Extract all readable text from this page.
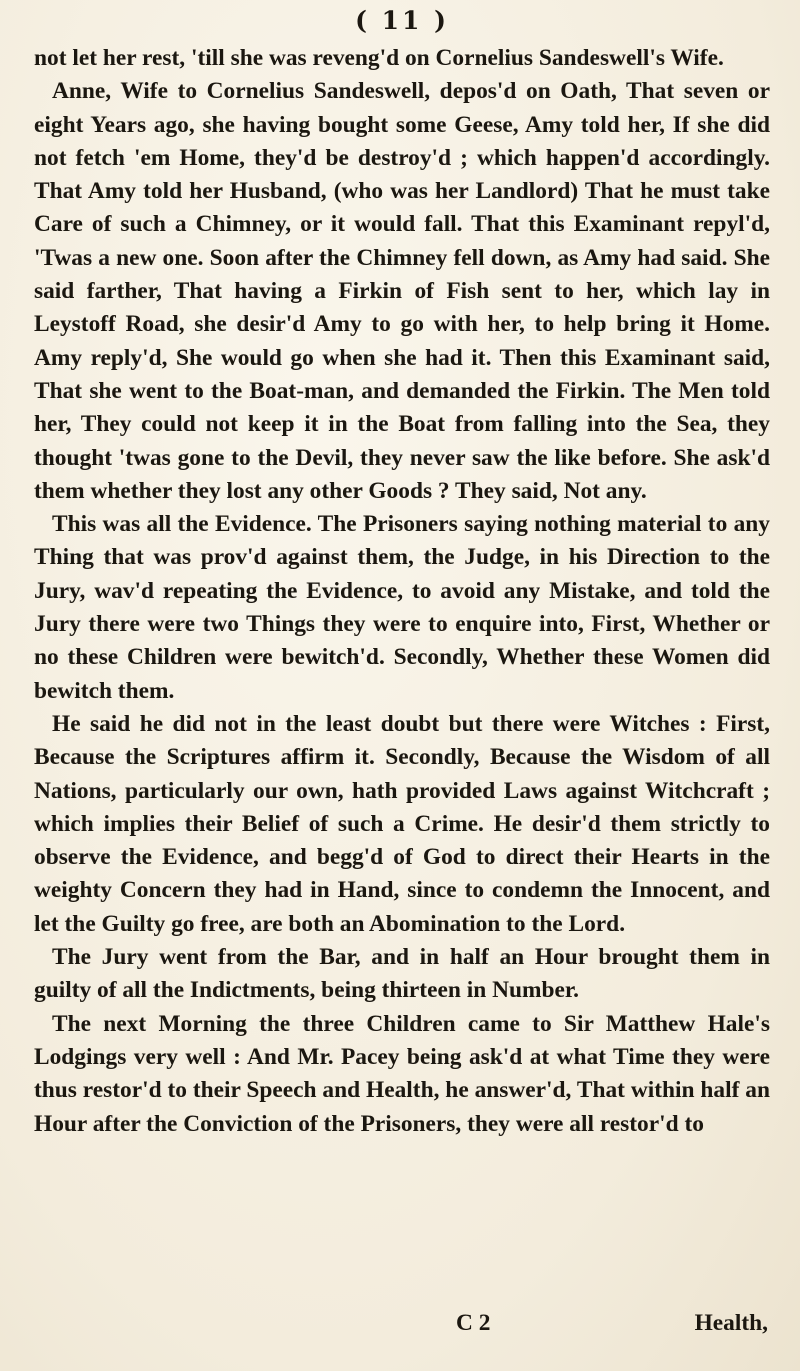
( 11 )

not let her rest, 'till she was reveng'd on Cornelius Sandeswell's Wife.

Anne, Wife to Cornelius Sandeswell, depos'd on Oath, That seven or eight Years ago, she having bought some Geese, Amy told her, If she did not fetch 'em Home, they'd be destroy'd ; which happen'd accordingly. That Amy told her Husband, (who was her Landlord) That he must take Care of such a Chimney, or it would fall. That this Examinant repyl'd, 'Twas a new one. Soon after the Chimney fell down, as Amy had said. She said farther, That having a Firkin of Fish sent to her, which lay in Leystoff Road, she desir'd Amy to go with her, to help bring it Home. Amy reply'd, She would go when she had it. Then this Examinant said, That she went to the Boat-man, and demanded the Firkin. The Men told her, They could not keep it in the Boat from falling into the Sea, they thought 'twas gone to the Devil, they never saw the like before. She ask'd them whether they lost any other Goods ? They said, Not any.

This was all the Evidence. The Prisoners saying nothing material to any Thing that was prov'd against them, the Judge, in his Direction to the Jury, wav'd repeating the Evidence, to avoid any Mistake, and told the Jury there were two Things they were to enquire into, First, Whether or no these Children were bewitch'd. Secondly, Whether these Women did bewitch them.

He said he did not in the least doubt but there were Witches : First, Because the Scriptures affirm it. Secondly, Because the Wisdom of all Nations, particularly our own, hath provided Laws against Witchcraft ; which implies their Belief of such a Crime. He desir'd them strictly to observe the Evidence, and begg'd of God to direct their Hearts in the weighty Concern they had in Hand, since to condemn the Innocent, and let the Guilty go free, are both an Abomination to the Lord.

The Jury went from the Bar, and in half an Hour brought them in guilty of all the Indictments, being thirteen in Number.

The next Morning the three Children came to Sir Matthew Hale's Lodgings very well : And Mr. Pacey being ask'd at what Time they were thus restor'd to their Speech and Health, he answer'd, That within half an Hour after the Conviction of the Prisoners, they were all restor'd to

C 2	Health,
